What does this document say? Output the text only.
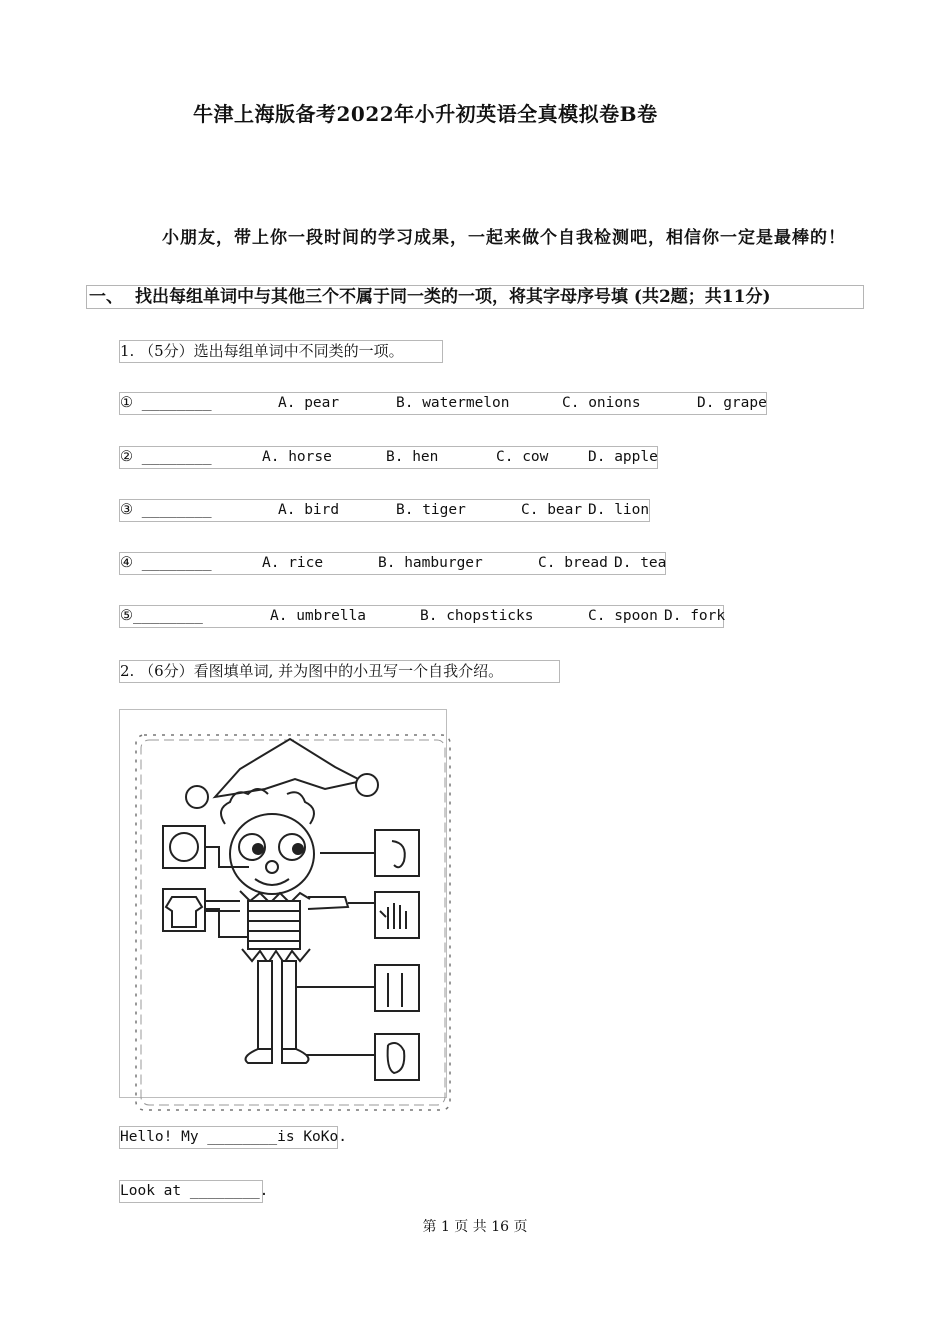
牛津上海版备考2022年小升初英语全真模拟卷B卷
小朋友，带上你一段时间的学习成果，一起来做个自我检测吧，相信你一定是最棒的！

一、

找出每组单词中与其他三个不属于同一类的一项，将其字母序号填 (共2题；共11分)

1. （5分）选出每组单词中不同类的一项。

① ________

	A. pear

	B. watermelon

	C. onions

	D. grape

② ________

	A. horse

	B. hen

	C. cow

	D. apple

③ ________

	A. bird

	B. tiger

	C. bear

D. lion

④ ________

	A. rice

	B. hamburger

	C. bread

D. tea

⑤________

	A. umbrella

	B. chopsticks

	C. spoon

D. fork

2. （6分）看图填单词, 并为图中的小丑写一个自我介绍。

Hello! My ________is KoKo.
Look at ________.
第 1 页 共 16 页
